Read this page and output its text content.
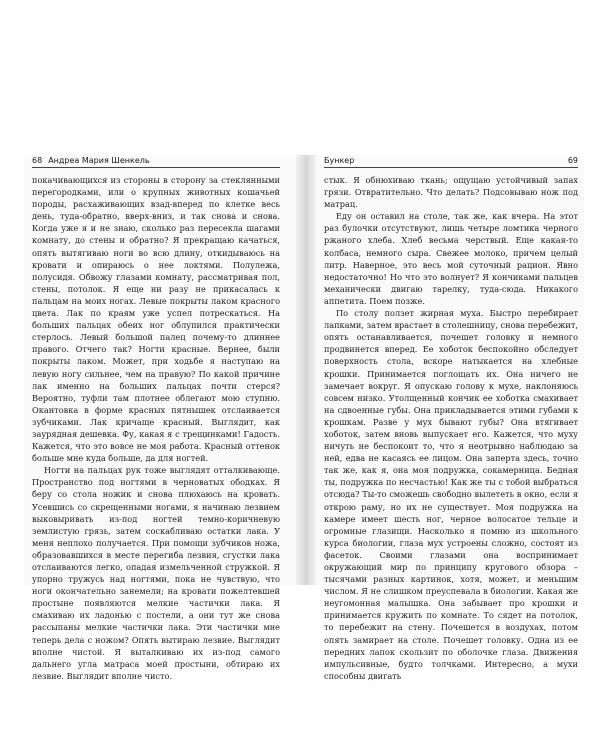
68 Андреа Мария Шенкель

покачивающихся из стороны в сторону за стеклянными перегородками, или о крупных животных кошачьей породы, расхаживающих взад-вперед по клетке весь день, туда-обратно, вверх-вниз, и так снова и снова. Когда уже я и не знаю, сколько раз пересекла шагами комнату, до стены и обратно? Я прекращаю качаться, опять вытягиваю ноги во всю длину, откидываюсь на кровати и опираюсь о нее локтями. Полулежа, полусидя. Обвожу глазами комнату, рассматривая пол, стены, потолок. Я еще ни разу не прикасалась к пальцам на моих ногах. Левые покрыты лаком красного цвета. Лак по краям уже успел потрескаться. На больших пальцах обеих ног облупился практически стерлось. Левый большой палец почему-то длиннее правого. Отчего так? Ногти красные. Вернее, были покрыты лаком. Может, при ходьбе я наступаю на левую ногу сильнее, чем на правую? По какой причине лак именно на больших пальцах почти стерся? Вероятно, туфли там плотнее облегают мою ступню. Окантовка в форме красных пятнышек отслаивается зубчиками. Лак кричаще красный. Выглядит, как заурядная дешевка. Фу, какая я с трещинками! Гадость. Кажется, что это вовсе не моя работа. Красный оттенок больше мне куда больше, да для ногтей.

Ногти на пальцах рук тоже выглядят отталкивающе. Пространство под ногтями в черноватых ободках. Я беру со стола ножик и снова плюхаюсь на кровать. Усевшись со скрещенными ногами, я начинаю лезвием выковыривать из-под ногтей темно-коричневую землистую грязь, затем соскабливаю остатки лака. У меня неплохо получается. При помощи зубчиков ножа, образовавшихся в месте перегиба лезвия, сгустки лака отслаиваются легко, опадая измельченной стружкой. Я упорно тружусь над ногтями, пока не чувствую, что ноги окончательно занемели; на кровати пожелтевшей простыне появляются мелкие частички лака. Я смахиваю их ладонью с постели, а они тут же снова рассыпаны мелкие частички лака. Эти частички мне теперь дела с ножом? Опять вытираю лезвие. Выглядит вполне чистой. Я выталкиваю их из-под самого дальнего угла матраса моей простыни, обтираю их лезвие. Выглядит вполне чисто.

Бункер	69

стык. Я обнюхиваю ткань; ощущаю устойчивый запах грязи. Отвратительно. Что делать? Подсовываю нож под матрац.

Еду он оставил на столе, так же, как вчера. На этот раз булочки отсутствуют, лишь четыре ломтика черного ржаного хлеба. Хлеб весьма черствый. Еще какая-то колбаса, немного сыра. Свежее молоко, причем целый литр. Наверное, это весь мой суточный рацион. Явно недостаточно! Но что это волнует? Я кончиками пальцев механически двигаю тарелку, туда-сюда. Никакого аппетита. Поем позже.

По столу ползет жирная муха. Быстро перебирает лапками, затем врастает в столешницу, снова перебежит, опять останавливается, почешет головку и немного продвинется вперед. Ее хоботок беспокойно обследует поверхность стола, вскоре натыкается на хлебные крошки. Принимается поглощать их. Она ничего не замечает вокруг. Я опускаю голову к мухе, наклоняюсь совсем низко. Утолщенный кончик ее хоботка смахивает на сдвоенные губы. Она прикладывается этими губами к крошкам. Разве у мух бывают губы? Она втягивает хоботок, затем вновь выпускает его. Кажется, что муху ничуть не беспокоит то, что я неотрывно наблюдаю за ней, едва не касаясь ее лицом. Она заперта здесь, точно так же, как я, она моя подружка, сокамерница. Бедная ты, подружка по несчастью! Как же ты с тобой выбраться отсюда? Ты-то сможешь свободно вылететь в окно, если я открою раму, но их не существует. Моя подружка на камере имеет шесть ног, черное волосатое тельце и огромные глазищи. Насколько я помню из школьного курса биологии, глаза мух устроены сложно, состоят из фасеток. Своими глазами она воспринимает окружающий мир по принципу кругового обзора – тысячами разных картинок, хотя, может, и меньшим числом. Я не слишком преуспевала в биологии. Какая же неугомонная малышка. Она забывает про крошки и принимается кружить по комнате. То сядет на потолок, то перебежит на стену. Почешется в воздухах, потом опять замирает на столе. Почешет головку. Одна из ее передних лапок скользит по оболочке глаза. Движения импульсивные, будто толчками. Интересно, а мухи способны двигать
